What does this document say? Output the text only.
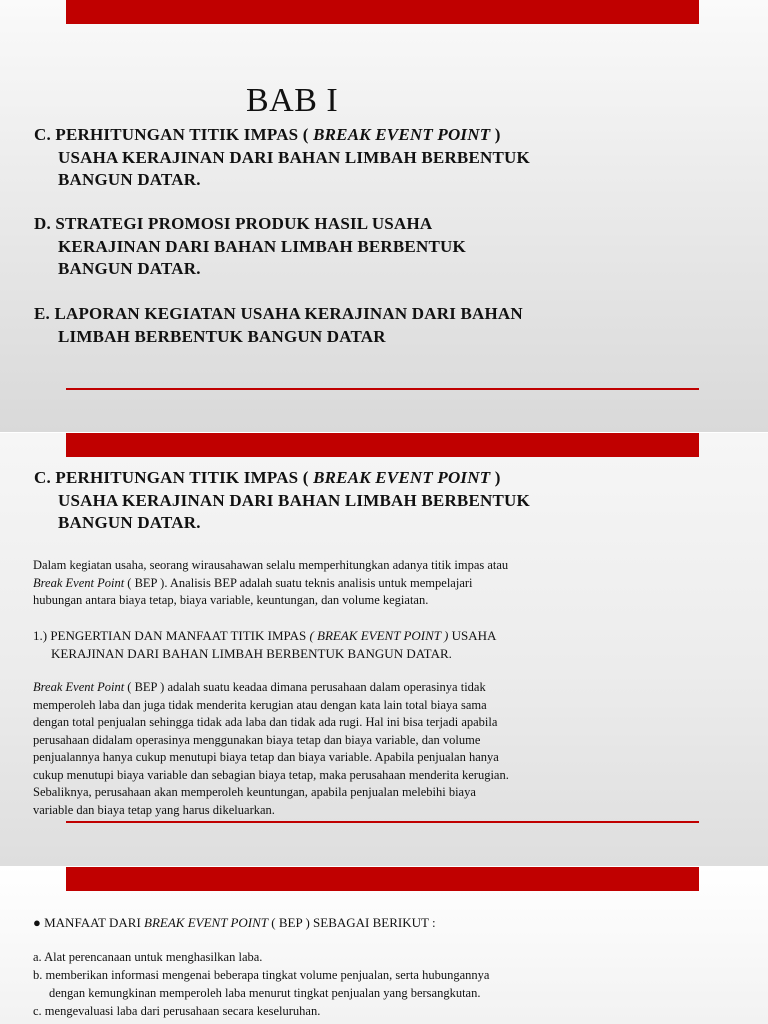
BAB I
C. PERHITUNGAN TITIK IMPAS ( BREAK EVENT POINT )
USAHA KERAJINAN DARI BAHAN LIMBAH BERBENTUK
BANGUN DATAR.
D. STRATEGI PROMOSI PRODUK HASIL USAHA
KERAJINAN DARI BAHAN LIMBAH BERBENTUK
BANGUN DATAR.
E. LAPORAN KEGIATAN USAHA KERAJINAN DARI BAHAN
LIMBAH BERBENTUK BANGUN DATAR
C. PERHITUNGAN TITIK IMPAS ( BREAK EVENT POINT )
USAHA KERAJINAN DARI BAHAN LIMBAH BERBENTUK
BANGUN DATAR.
Dalam kegiatan usaha, seorang wirausahawan selalu memperhitungkan adanya titik impas atau
Break Event Point ( BEP ). Analisis BEP adalah suatu teknis analisis untuk mempelajari
hubungan antara biaya tetap, biaya variable, keuntungan, dan volume kegiatan.
1.) PENGERTIAN DAN MANFAAT TITIK IMPAS ( BREAK EVENT POINT ) USAHA
KERAJINAN DARI BAHAN LIMBAH BERBENTUK BANGUN DATAR.
Break Event Point ( BEP ) adalah suatu keadaa dimana perusahaan dalam operasinya tidak
memperoleh laba dan juga tidak menderita kerugian atau dengan kata lain total biaya sama
dengan total penjualan sehingga tidak ada laba dan tidak ada rugi. Hal ini bisa terjadi apabila
perusahaan didalam operasinya menggunakan biaya tetap dan biaya variable, dan volume
penjualannya hanya cukup menutupi biaya tetap dan biaya variable. Apabila penjualan hanya
cukup menutupi biaya variable dan sebagian biaya tetap, maka perusahaan menderita kerugian.
Sebaliknya, perusahaan akan memperoleh keuntungan, apabila penjualan melebihi biaya
variable dan biaya tetap yang harus dikeluarkan.
● MANFAAT DARI BREAK EVENT POINT ( BEP ) SEBAGAI BERIKUT :
a. Alat perencanaan untuk menghasilkan laba.
b. memberikan informasi mengenai beberapa tingkat volume penjualan, serta hubungannya
dengan kemungkinan memperoleh laba menurut tingkat penjualan yang bersangkutan.
c. mengevaluasi laba dari perusahaan secara keseluruhan.
